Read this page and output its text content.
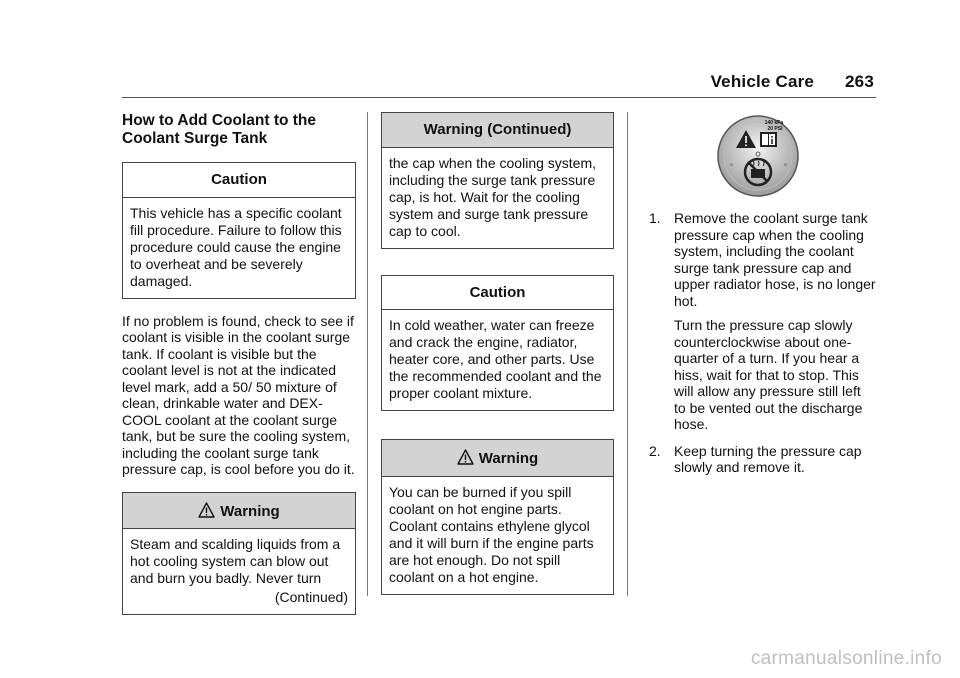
Vehicle Care 263
How to Add Coolant to the Coolant Surge Tank
Caution
This vehicle has a specific coolant fill procedure. Failure to follow this procedure could cause the engine to overheat and be severely damaged.

If no problem is found, check to see if coolant is visible in the coolant surge tank. If coolant is visible but the coolant level is not at the indicated level mark, add a 50/ 50 mixture of clean, drinkable water and DEX-COOL coolant at the coolant surge tank, but be sure the cooling system, including the coolant surge tank pressure cap, is cool before you do it.

Warning
Steam and scalding liquids from a hot cooling system can blow out and burn you badly. Never turn
(Continued)
Warning (Continued)
the cap when the cooling system, including the surge tank pressure cap, is hot. Wait for the cooling system and surge tank pressure cap to cool.
Caution
In cold weather, water can freeze and crack the engine, radiator, heater core, and other parts. Use the recommended coolant and the proper coolant mixture.
Warning
You can be burned if you spill coolant on hot engine parts. Coolant contains ethylene glycol and it will burn if the engine parts are hot enough. Do not spill coolant on a hot engine.
140 kPa
20 PSI
S	S
1. Remove the coolant surge tank pressure cap when the cooling system, including the coolant surge tank pressure cap and upper radiator hose, is no longer hot.

Turn the pressure cap slowly counterclockwise about one-quarter of a turn. If you hear a hiss, wait for that to stop. This will allow any pressure still left to be vented out the discharge hose.

2. Keep turning the pressure cap slowly and remove it.

carmanualsonline.info
